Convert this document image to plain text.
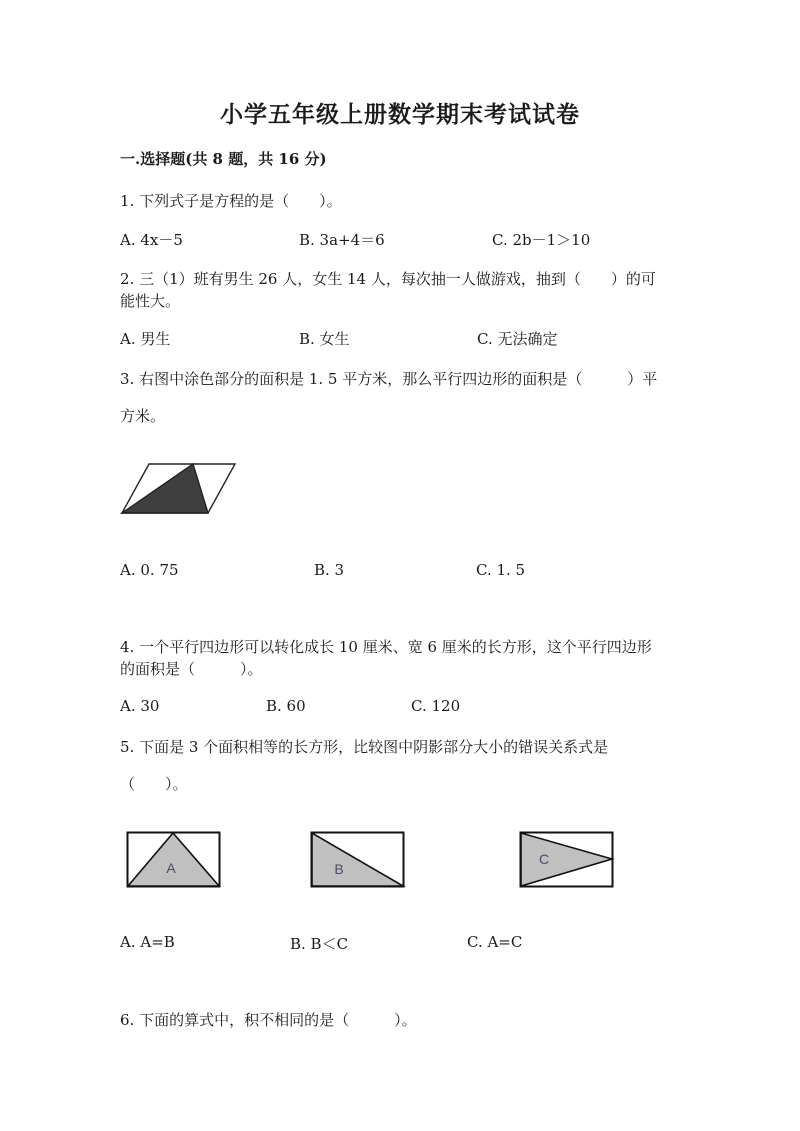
小学五年级上册数学期末考试试卷
一.选择题(共 8 题，共 16 分)
1. 下列式子是方程的是（　　）。
A. 4x－5	B. 3a+4＝6	C. 2b－1＞10
2. 三（1）班有男生 26 人，女生 14 人，每次抽一人做游戏，抽到（　　）的可
能性大。
A. 男生	B. 女生	C. 无法确定
3. 右图中涂色部分的面积是 1. 5 平方米，那么平行四边形的面积是（　　　）平
方米。
A. 0. 75	B. 3	C. 1. 5
4. 一个平行四边形可以转化成长 10 厘米、宽 6 厘米的长方形，这个平行四边形
的面积是（　　　）。
A. 30	B. 60	C. 120
5. 下面是 3 个面积相等的长方形，比较图中阴影部分大小的错误关系式是
（　　）。
A	B
C
A. A=B	B. B＜C	C. A=C
6. 下面的算式中，积不相同的是（　　　）。
